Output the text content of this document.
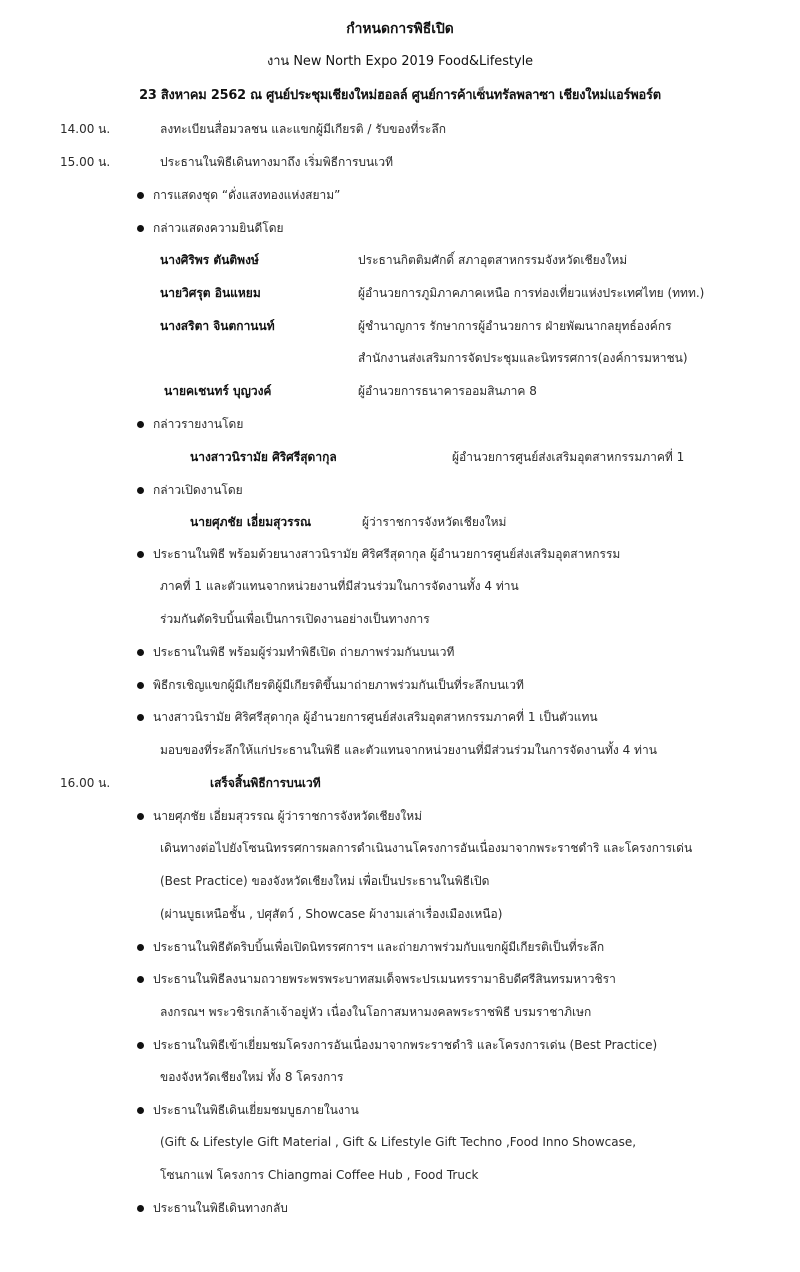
กำหนดการพิธีเปิด
งาน New North Expo 2019 Food&Lifestyle
23 สิงหาคม 2562 ณ ศูนย์ประชุมเชียงใหม่ฮอลล์ ศูนย์การค้าเซ็นทรัลพลาซา เชียงใหม่แอร์พอร์ต
14.00 น.	ลงทะเบียนสื่อมวลชน และแขกผู้มีเกียรติ / รับของที่ระลึก
15.00 น.	ประธานในพิธีเดินทางมาถึง เริ่มพิธีการบนเวที
การแสดงชุด “ดั่งแสงทองแห่งสยาม”
กล่าวแสดงความยินดีโดย
นางศิริพร ตันติพงษ์	ประธานกิตติมศักดิ์ สภาอุตสาหกรรมจังหวัดเชียงใหม่
นายวิศรุต อินแหยม	ผู้อำนวยการภูมิภาคภาคเหนือ การท่องเที่ยวแห่งประเทศไทย (ททท.)
นางสริตา จินตกานนท์	ผู้ชำนาญการ รักษาการผู้อำนวยการ ฝ่ายพัฒนากลยุทธ์องค์กร
สำนักงานส่งเสริมการจัดประชุมและนิทรรศการ(องค์การมหาชน)
นายคเชนทร์ บุญวงค์	ผู้อำนวยการธนาคารออมสินภาค 8
กล่าวรายงานโดย
นางสาวนิรามัย ศิริศรีสุดากุล	ผู้อำนวยการศูนย์ส่งเสริมอุตสาหกรรมภาคที่ 1
กล่าวเปิดงานโดย
นายศุภชัย เอี่ยมสุวรรณ	ผู้ว่าราชการจังหวัดเชียงใหม่
ประธานในพิธี พร้อมด้วยนางสาวนิรามัย ศิริศรีสุดากุล ผู้อำนวยการศูนย์ส่งเสริมอุตสาหกรรม
ภาคที่ 1 และตัวแทนจากหน่วยงานที่มีส่วนร่วมในการจัดงานทั้ง 4 ท่าน
ร่วมกันตัดริบบิ้นเพื่อเป็นการเปิดงานอย่างเป็นทางการ
ประธานในพิธี พร้อมผู้ร่วมทำพิธีเปิด ถ่ายภาพร่วมกันบนเวที
พิธีกรเชิญแขกผู้มีเกียรติผู้มีเกียรติขึ้นมาถ่ายภาพร่วมกันเป็นที่ระลึกบนเวที
นางสาวนิรามัย ศิริศรีสุดากุล ผู้อำนวยการศูนย์ส่งเสริมอุตสาหกรรมภาคที่ 1 เป็นตัวแทน
มอบของที่ระลึกให้แก่ประธานในพิธี และตัวแทนจากหน่วยงานที่มีส่วนร่วมในการจัดงานทั้ง 4 ท่าน
16.00 น.	เสร็จสิ้นพิธีการบนเวที
นายศุภชัย เอี่ยมสุวรรณ ผู้ว่าราชการจังหวัดเชียงใหม่
เดินทางต่อไปยังโซนนิทรรศการผลการดำเนินงานโครงการอันเนื่องมาจากพระราชดำริ และโครงการเด่น
(Best Practice) ของจังหวัดเชียงใหม่ เพื่อเป็นประธานในพิธีเปิด
(ผ่านบูธเหนือชั้น , ปศุสัตว์ , Showcase ผ้างามเล่าเรื่องเมืองเหนือ)
ประธานในพิธีตัดริบบิ้นเพื่อเปิดนิทรรศการฯ และถ่ายภาพร่วมกับแขกผู้มีเกียรติเป็นที่ระลึก
ประธานในพิธีลงนามถวายพระพรพระบาทสมเด็จพระปรเมนทรรามาธิบดีศรีสินทรมหาวชิรา
ลงกรณฯ พระวชิรเกล้าเจ้าอยู่หัว เนื่องในโอกาสมหามงคลพระราชพิธี บรมราชาภิเษก
ประธานในพิธีเข้าเยี่ยมชมโครงการอันเนื่องมาจากพระราชดำริ และโครงการเด่น (Best Practice)
ของจังหวัดเชียงใหม่ ทั้ง 8 โครงการ
ประธานในพิธีเดินเยี่ยมชมบูธภายในงาน
(Gift & Lifestyle Gift Material , Gift & Lifestyle Gift Techno ,Food Inno Showcase,
โซนกาแฟ โครงการ Chiangmai Coffee Hub , Food Truck
ประธานในพิธีเดินทางกลับ
